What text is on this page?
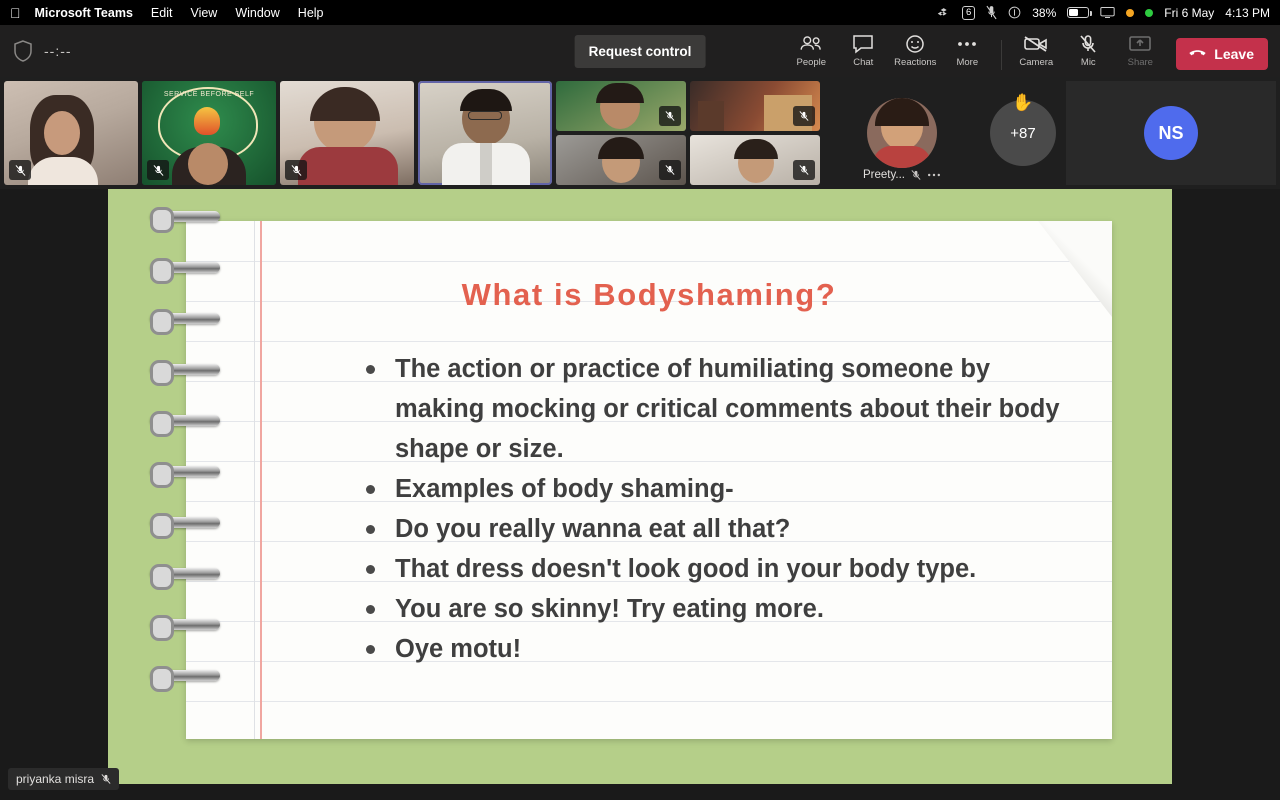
Microsoft Teams Edit View Window Help	6	38%	Fri 6 May 4:13 PM
--:--	Request control
People	Chat Reactions More	Camera	Mic	Share
Leave
SERVICE BEFORE SELF
Preety...
✋
+87	NS
What is Bodyshaming?
The action or practice of humiliating someone by making mocking or critical comments about their body shape or size.
Examples of body shaming-
Do you really wanna eat all that?
That dress doesn't look good in your body type.
You are so skinny! Try eating more.
Oye motu!
priyanka misra
